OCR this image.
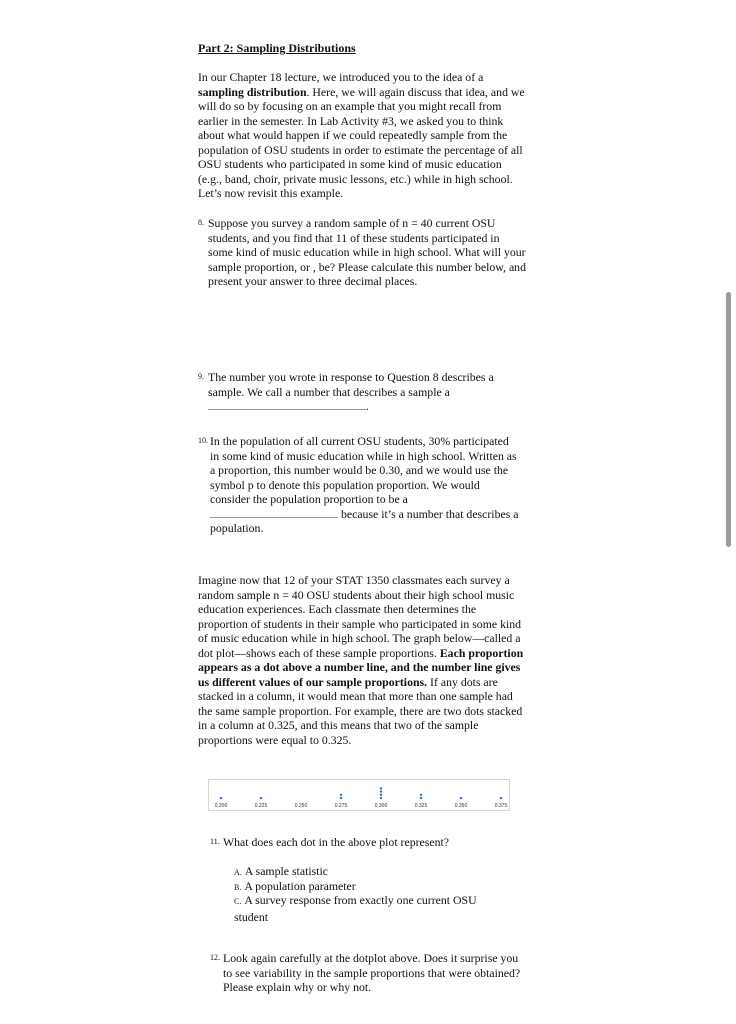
Part 2: Sampling Distributions
In our Chapter 18 lecture, we introduced you to the idea of a sampling distribution. Here, we will again discuss that idea, and we will do so by focusing on an example that you might recall from earlier in the semester. In Lab Activity #3, we asked you to think about what would happen if we could repeatedly sample from the population of OSU students in order to estimate the percentage of all OSU students who participated in some kind of music education (e.g., band, choir, private music lessons, etc.) while in high school. Let’s now revisit this example.
8. Suppose you survey a random sample of n = 40 current OSU students, and you find that 11 of these students participated in some kind of music education while in high school. What will your sample proportion, or , be? Please calculate this number below, and present your answer to three decimal places.
9. The number you wrote in response to Question 8 describes a sample. We call a number that describes a sample a
.
10. In the population of all current OSU students, 30% participated in some kind of music education while in high school. Written as a proportion, this number would be 0.30, and we would use the symbol p to denote this population proportion. We would consider the population proportion to be a  because it’s a number that describes a population.
Imagine now that 12 of your STAT 1350 classmates each survey a random sample n = 40 OSU students about their high school music education experiences. Each classmate then determines the proportion of students in their sample who participated in some kind of music education while in high school. The graph below—called a dot plot—shows each of these sample proportions. Each proportion appears as a dot above a number line, and the number line gives us different values of our sample proportions. If any dots are stacked in a column, it would mean that more than one sample had the same sample proportion. For example, there are two dots stacked in a column at 0.325, and this means that two of the sample proportions were equal to 0.325.
0.200	0.225	0.250	0.275	0.300	0.325	0.350	0.375
11. What does each dot in the above plot represent?
A. A sample statistic
B. A population parameter
C. A survey response from exactly one current OSU student
12. Look again carefully at the dotplot above. Does it surprise you to see variability in the sample proportions that were obtained? Please explain why or why not.
